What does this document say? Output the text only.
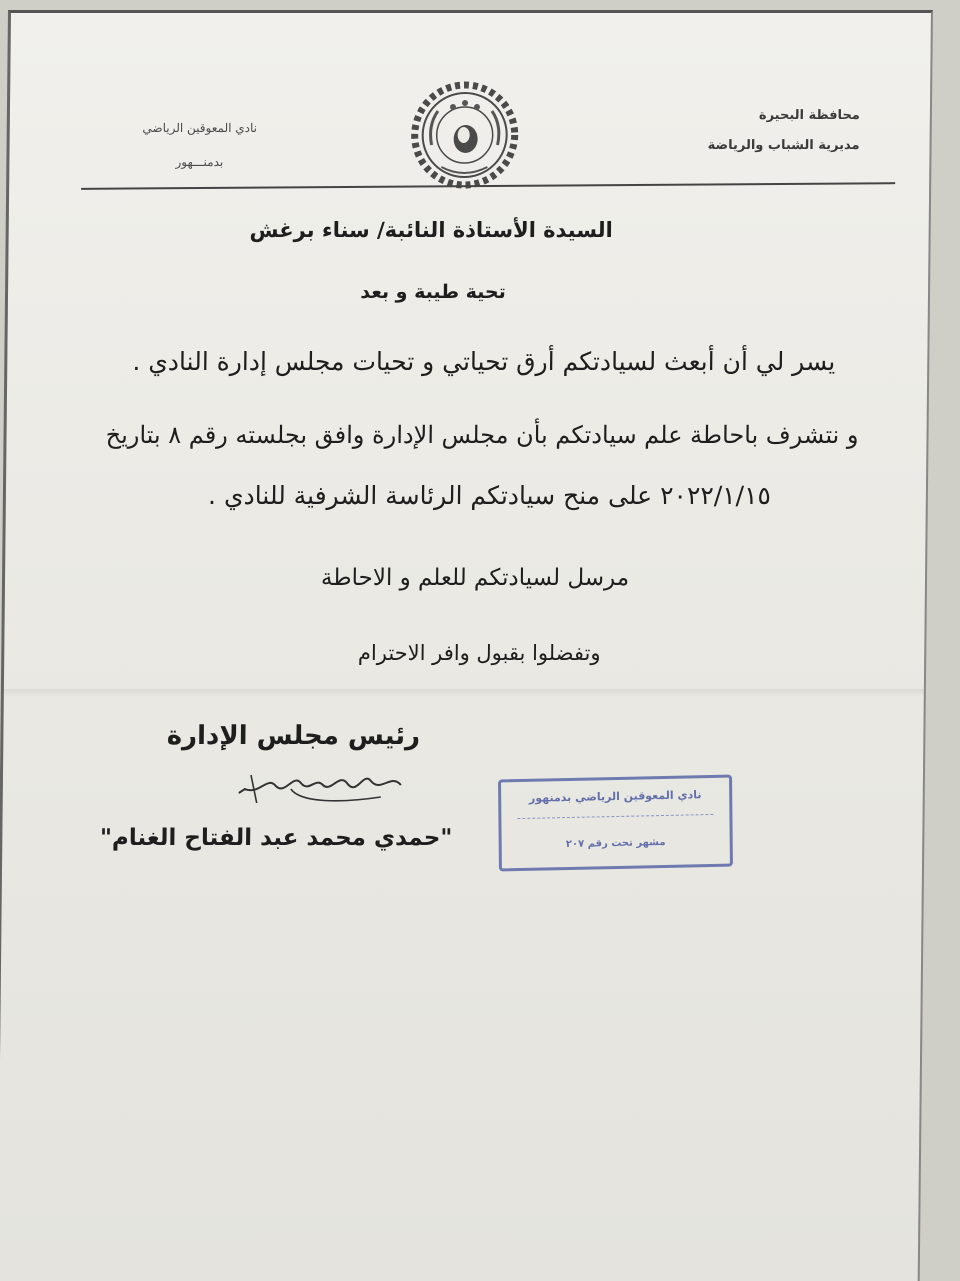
محافظة البحيرة
مديرية الشباب والرياضة
نادي المعوقين الرياضي
بدمنـــهور
السيدة الأستاذة النائبة/ سناء برغش
تحية طيبة و بعد
يسر لي أن أبعث لسيادتكم أرق تحياتي و تحيات مجلس إدارة النادي .
و نتشرف باحاطة علم سيادتكم بأن مجلس الإدارة وافق بجلسته رقم ٨ بتاريخ
٢٠٢٢/١/١٥ على منح سيادتكم الرئاسة الشرفية للنادي .
مرسل لسيادتكم للعلم و الاحاطة
وتفضلوا بقبول وافر الاحترام
رئيس مجلس الإدارة
"حمدي محمد عبد الفتاح الغنام"
نادي المعوقين الرياضي بدمنهور
مشهر تحت رقم ٢٠٧
